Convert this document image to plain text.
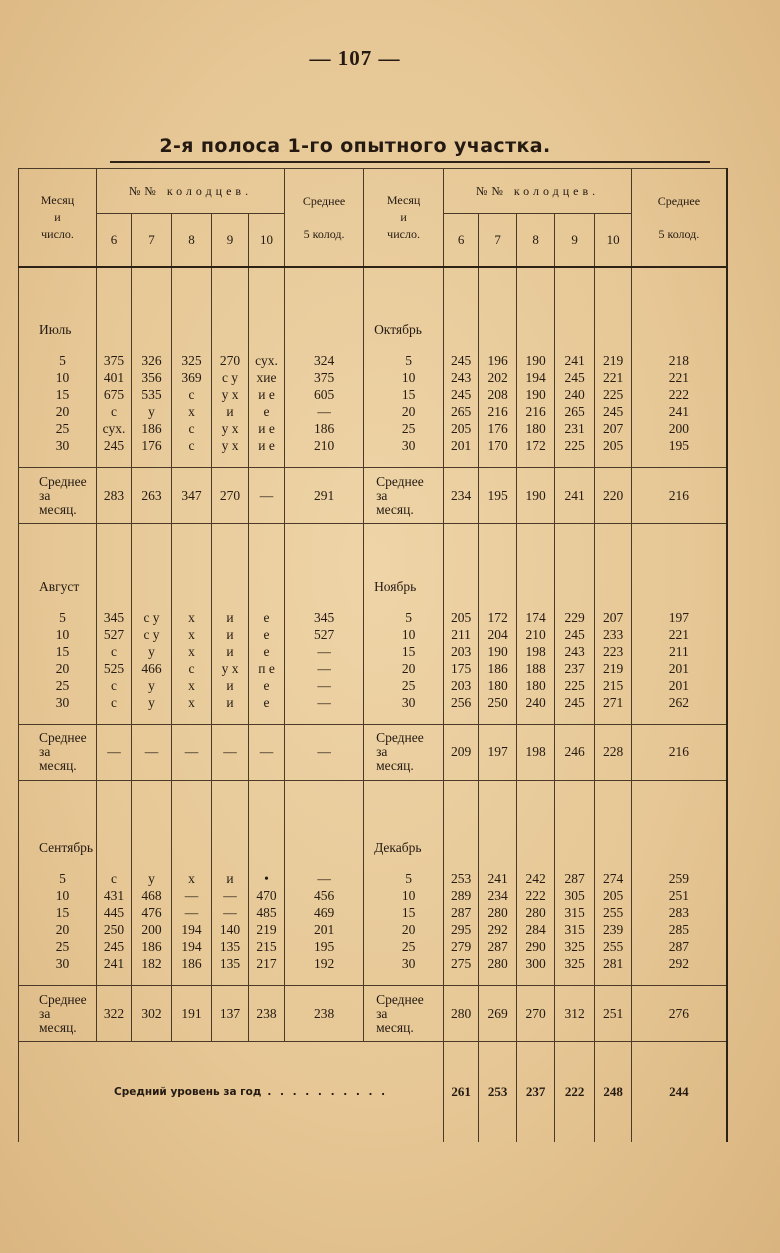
— 107 —
2-я полоса 1-го опытного участка.
Месяц
и
число.	№№ колодцев.					Среднее
5 колод.	Месяц
и
число.	№№ колодцев.					Среднее
5 колод.

	6	7	8	9	10			6	7	8	9	10	
Июль							Октябрь						
5	375	326	325	270	сух.	324	5	245	196	190	241	219	218
10	401	356	369	с у	хие	375	10	243	202	194	245	221	221
15	675	535	с	у х	и е	605	15	245	208	190	240	225	222
20	с	у	х	и	е	—	20	265	216	216	265	245	241
25	сух.	186	с	у х	и е	186	25	205	176	180	231	207	200
30	245	176	с	у х	и е	210	30	201	170	172	225	205	195

Среднее
за
месяц.	283	263	347	270	—	291	Среднее
за
месяц.	234	195	190	241	220	216
Август							Ноябрь						
5	345	с у	х	и	е	345	5	205	172	174	229	207	197
10	527	с у	х	и	е	527	10	211	204	210	245	233	221
15	с	у	х	и	е	—	15	203	190	198	243	223	211
20	525	466	с	у х	п е	—	20	175	186	188	237	219	201
25	с	у	х	и	е	—	25	203	180	180	225	215	201
30	с	у	х	и	е	—	30	256	250	240	245	271	262

Среднее
за
месяц.	—	—	—	—	—	—	Среднее
за
месяц.	209	197	198	246	228	216
Сентябрь							Декабрь						
5	с	у	х	и	•	—	5	253	241	242	287	274	259
10	431	468	—	—	470	456	10	289	234	222	305	205	251
15	445	476	—	—	485	469	15	287	280	280	315	255	283
20	250	200	194	140	219	201	20	295	292	284	315	239	285
25	245	186	194	135	215	195	25	279	287	290	325	255	287
30	241	182	186	135	217	192	30	275	280	300	325	281	292

Среднее
за
месяц.	322	302	191	137	238	238	Среднее
за
месяц.	280	269	270	312	251	276
Средний уровень за год . . . . . . . . . .								261	253	237	222	248	244
